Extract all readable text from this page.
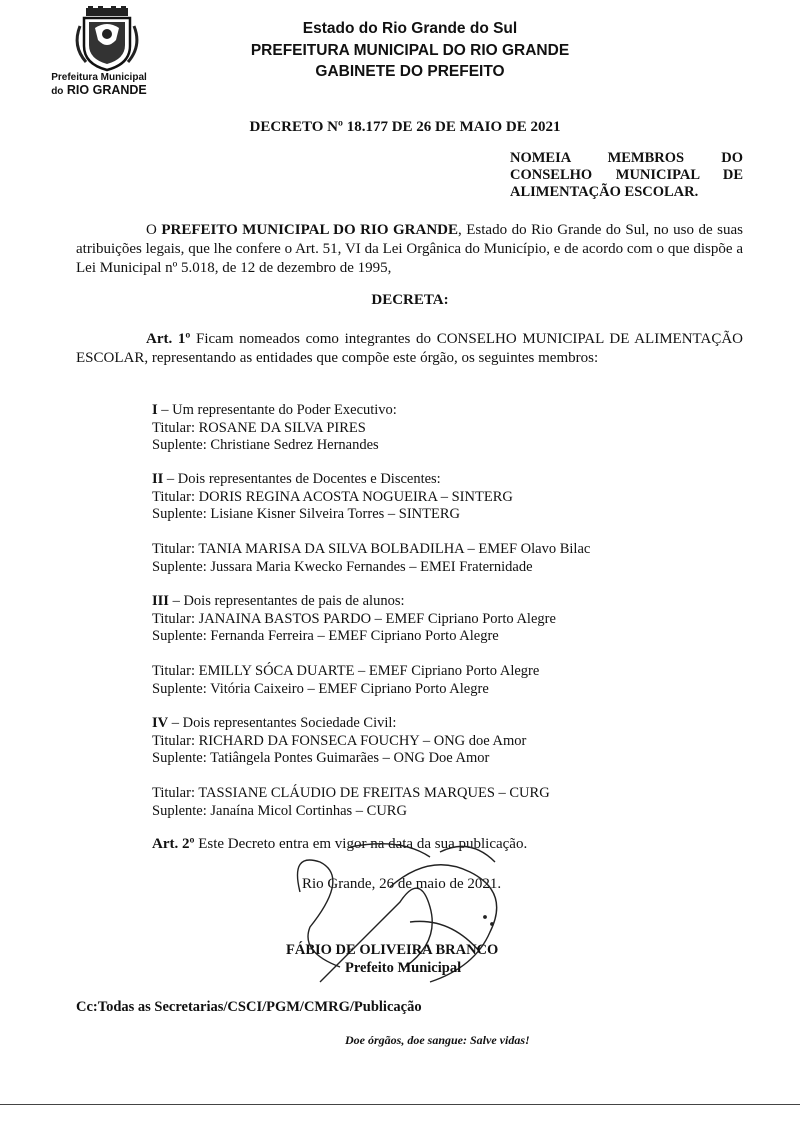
Prefeitura Municipal
do RIO GRANDE
Estado do Rio Grande do Sul
PREFEITURA MUNICIPAL DO RIO GRANDE
GABINETE DO PREFEITO
DECRETO Nº 18.177 DE 26 DE MAIO DE 2021
NOMEIA MEMBROS DO CONSELHO MUNICIPAL DE ALIMENTAÇÃO ESCOLAR.
O PREFEITO MUNICIPAL DO RIO GRANDE, Estado do Rio Grande do Sul, no uso de suas atribuições legais, que lhe confere o Art. 51, VI da Lei Orgânica do Município, e de acordo com o que dispõe a Lei Municipal nº 5.018, de 12 de dezembro de 1995,
DECRETA:
Art. 1º Ficam nomeados como integrantes do CONSELHO MUNICIPAL DE ALIMENTAÇÃO ESCOLAR, representando as entidades que compõe este órgão, os seguintes membros:
I – Um representante do Poder Executivo:
Titular: ROSANE DA SILVA PIRES
Suplente: Christiane Sedrez Hernandes
II – Dois representantes de Docentes e Discentes:
Titular: DORIS REGINA ACOSTA NOGUEIRA – SINTERG
Suplente: Lisiane Kisner Silveira Torres – SINTERG
Titular: TANIA MARISA DA SILVA BOLBADILHA – EMEF Olavo Bilac
Suplente: Jussara Maria Kwecko Fernandes – EMEI Fraternidade
III – Dois representantes de pais de alunos:
Titular: JANAINA BASTOS PARDO – EMEF Cipriano Porto Alegre
Suplente: Fernanda Ferreira – EMEF Cipriano Porto Alegre
Titular: EMILLY SÓCA DUARTE – EMEF Cipriano Porto Alegre
Suplente: Vitória Caixeiro – EMEF Cipriano Porto Alegre
IV – Dois representantes Sociedade Civil:
Titular: RICHARD DA FONSECA FOUCHY – ONG doe Amor
Suplente: Tatiângela Pontes Guimarães – ONG Doe Amor
Titular: TASSIANE CLÁUDIO DE FREITAS MARQUES – CURG
Suplente: Janaína Micol Cortinhas – CURG
Art. 2º Este Decreto entra em vigor na data da sua publicação.
Rio Grande, 26 de maio de 2021.
FÁBIO DE OLIVEIRA BRANCO
Prefeito Municipal
Cc:Todas as Secretarias/CSCI/PGM/CMRG/Publicação
Doe órgãos, doe sangue: Salve vidas!
